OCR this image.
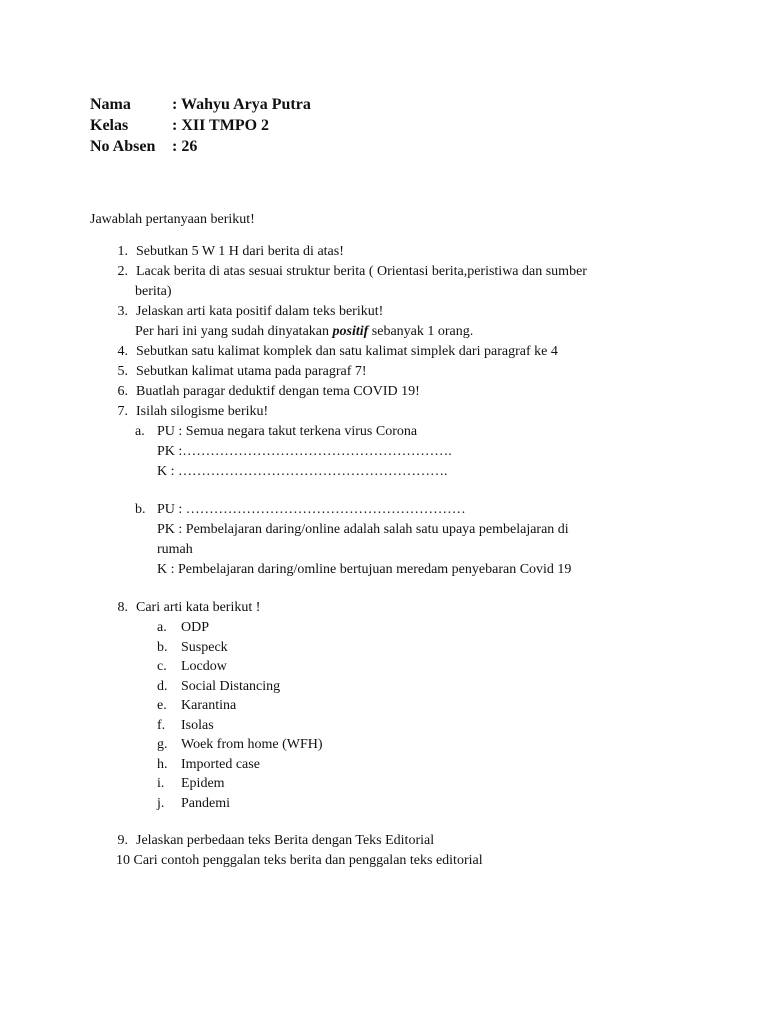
Nama	: Wahyu Arya Putra
Kelas	: XII TMPO 2
No Absen : 26
Jawablah pertanyaan berikut!
1. Sebutkan 5 W 1 H dari berita di atas!
2. Lacak berita di atas sesuai struktur berita ( Orientasi berita,peristiwa dan sumber
berita)
3. Jelaskan arti kata positif dalam teks berikut!
Per hari ini yang sudah dinyatakan positif sebanyak 1 orang.
4. Sebutkan satu kalimat komplek dan satu kalimat simplek dari paragraf ke 4
5. Sebutkan kalimat utama pada paragraf 7!
6. Buatlah paragar deduktif dengan tema COVID 19!
7. Isilah silogisme beriku!
a. PU : Semua negara takut terkena virus Corona
PK :………………………………………………….
K : ………………………………………………….
b. PU : ……………………………………………………
PK : Pembelajaran daring/online adalah salah satu upaya pembelajaran di
rumah
K : Pembelajaran daring/omline bertujuan meredam penyebaran Covid 19
8. Cari arti kata berikut !
a.	ODP
b. Suspeck
c.	Locdow
d. Social Distancing
e.	Karantina
f.	Isolas
g. Woek from home (WFH)
h. Imported case
i.	Epidem
j.	Pandemi
9. Jelaskan perbedaan teks Berita dengan Teks Editorial
10 Cari contoh penggalan teks berita dan penggalan teks editorial
